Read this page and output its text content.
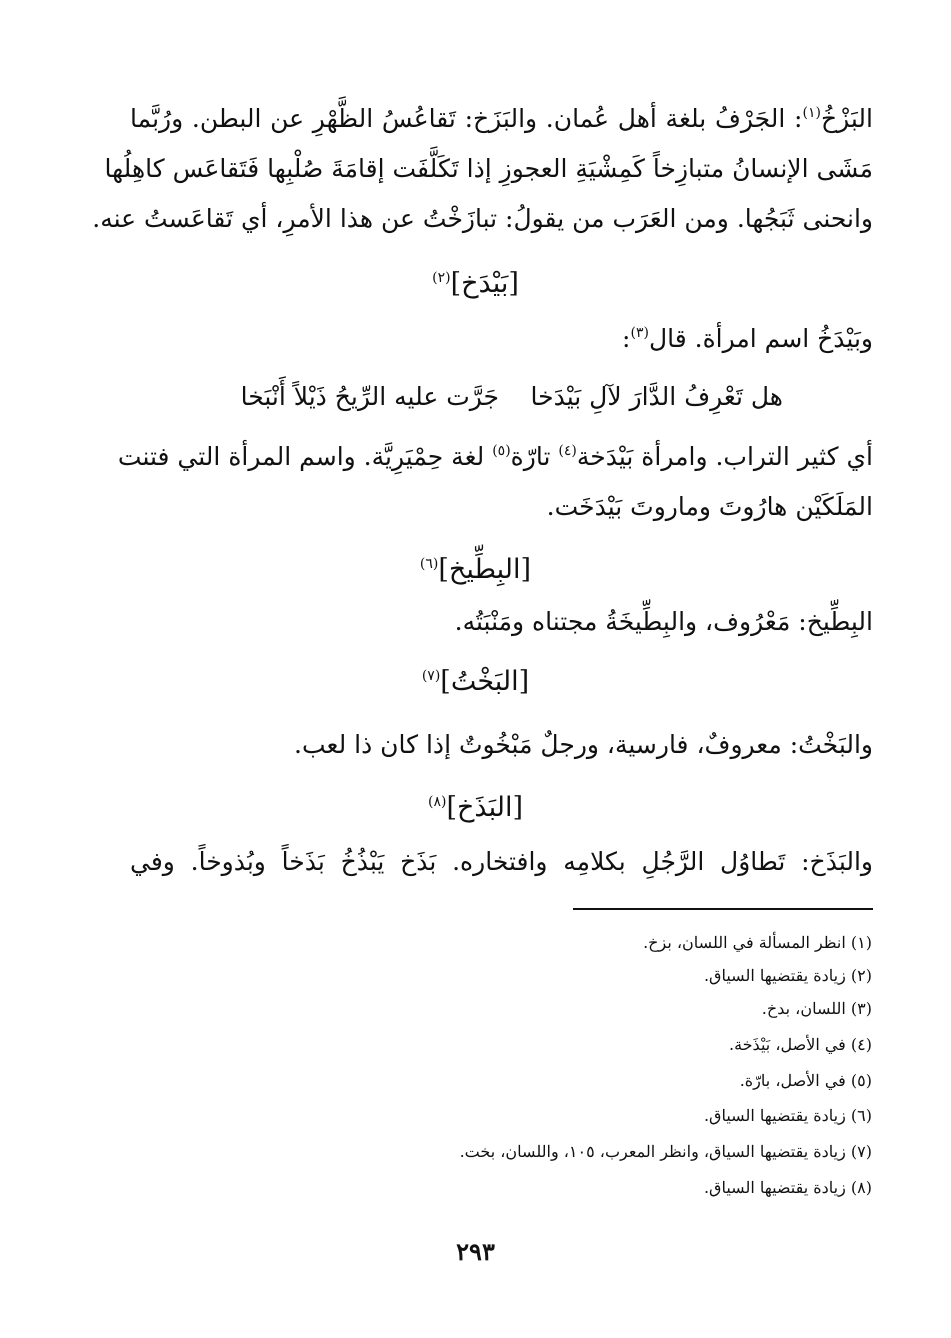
البَزْخُ$^{(١)}$: الجَرْفُ بلغة أهل عُمان. والبَزَخ: تَقاعُسُ الظَّهْرِ عن البطن. ورُبَّما
مَشَى الإنسانُ متبازِخاً كَمِشْيَةِ العجوزِ إذا تَكَلَّفَت إقامَةَ صُلْبِها فَتَقاعَس كاهِلُها
وانحنى ثَبَجُها. ومن العَرَب من يقولُ: تبازَخْتُ عن هذا الأمرِ، أي تَقاعَستُ عنه.
[بَيْدَخ]$^{(٢)}$
وبَيْدَخُ اسم امرأة. قال$^{(٣)}$:
هل تَعْرِفُ الدَّارَ لآلِ بَيْدَخا
جَرَّت عليه الرِّيحُ ذَيْلاً أَنْبَخا
أي كثير التراب. وامرأة بَيْدَخة$^{(٤)}$ تارّة$^{(٥)}$ لغة حِمْيَرِيَّة. واسم المرأة التي فتنت
المَلَكَيْن هارُوتَ وماروتَ بَيْدَخَت.
[البِطِّيخ]$^{(٦)}$
البِطِّيخ: مَعْرُوف، والبِطِّيخَةُ مجتناه ومَنْبَتُه.
[البَخْتُ]$^{(٧)}$
والبَخْتُ: معروفٌ، فارسية، ورجلٌ مَبْخُوتٌ إذا كان ذا لعب.
[البَذَخ]$^{(٨)}$
والبَذَخ: تَطاوُل الرَّجُلِ بكلامِه وافتخاره. بَذَخ يَبْذُخُ بَذَخاً وبُذوخاً. وفي
(١) انظر المسألة في اللسان، بزخ.
(٢) زيادة يقتضيها السياق.
(٣) اللسان، بدخ.
(٤) في الأصل، بَيْذَخة.
(٥) في الأصل، بارّة.
(٦) زيادة يقتضيها السياق.
(٧) زيادة يقتضيها السياق، وانظر المعرب، ١٠٥، واللسان، بخت.
(٨) زيادة يقتضيها السياق.
٢٩٣
